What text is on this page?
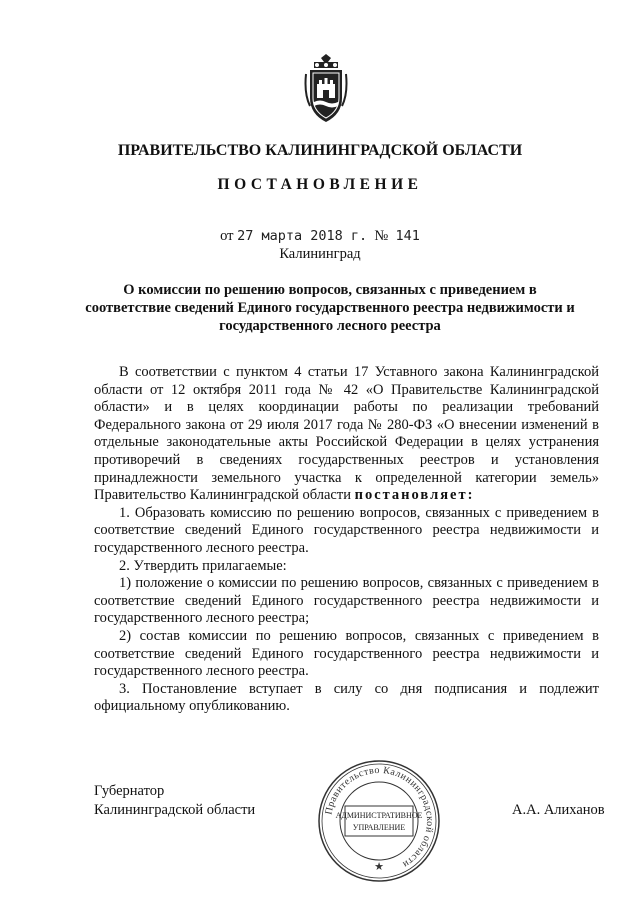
ПРАВИТЕЛЬСТВО КАЛИНИНГРАДСКОЙ ОБЛАСТИ
ПОСТАНОВЛЕНИЕ
от 27 марта 2018 г. № 141
Калининград
О комиссии по решению вопросов, связанных с приведением в соответствие сведений Единого государственного реестра недвижимости и государственного лесного реестра

В соответствии с пунктом 4 статьи 17 Уставного закона Калининградской области от 12 октября 2011 года № 42 «О Правительстве Калининградской области» и в целях координации работы по реализации требований Федерального закона от 29 июля 2017 года № 280-ФЗ «О внесении изменений в отдельные законодательные акты Российской Федерации в целях устранения противоречий в сведениях государственных реестров и установления принадлежности земельного участка к определенной категории земель» Правительство Калининградской области постановляет:

1. Образовать комиссию по решению вопросов, связанных с приведением в соответствие сведений Единого государственного реестра недвижимости и государственного лесного реестра.

2. Утвердить прилагаемые:

1) положение о комиссии по решению вопросов, связанных с приведением в соответствие сведений Единого государственного реестра недвижимости и государственного лесного реестра;

2) состав комиссии по решению вопросов, связанных с приведением в соответствие сведений Единого государственного реестра недвижимости и государственного лесного реестра.

3. Постановление вступает в силу со дня подписания и подлежит официальному опубликованию.

Губернатор
Калининградской области	А.А. Алиханов
Правительство Калининградской области
АДМИНИСТРАТИВНОЕ
УПРАВЛЕНИЕ
★
